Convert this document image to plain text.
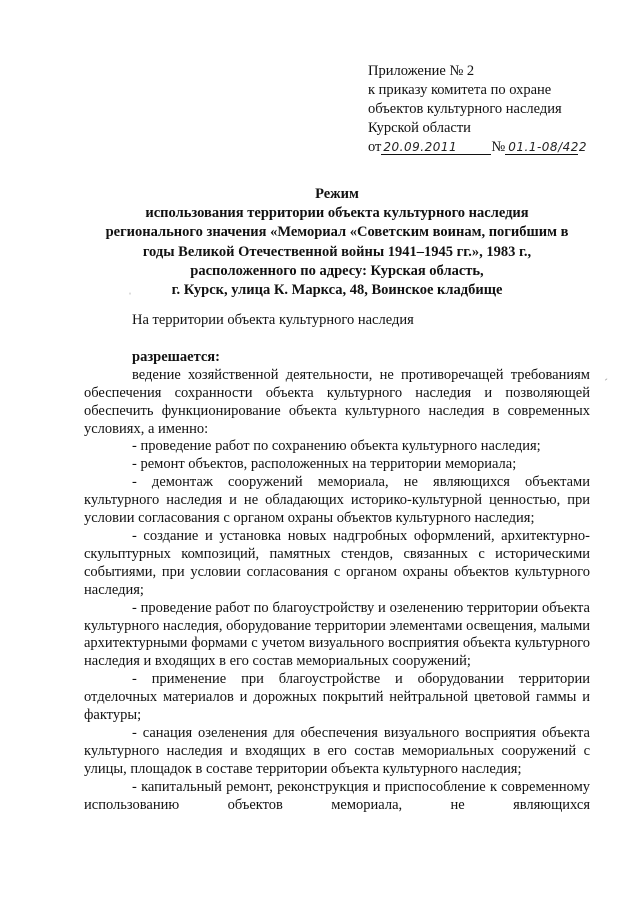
Приложение № 2
к приказу комитета по охране
объектов культурного наследия
Курской области
от 20.09.2011 № 01.1-08/422
Режим
использования территории объекта культурного наследия
регионального значения «Мемориал «Советским воинам, погибшим в
годы Великой Отечественной войны 1941–1945 гг.», 1983 г.,
расположенного по адресу: Курская область,
г. Курск, улица К. Маркса, 48, Воинское кладбище
ˈ
ˊ

На территории объекта культурного наследия

разрешается:

ведение хозяйственной деятельности, не противоречащей требованиям обеспечения сохранности объекта культурного наследия и позволяющей обеспечить функционирование объекта культурного наследия в современных условиях, а именно:

- проведение работ по сохранению объекта культурного наследия;

- ремонт объектов, расположенных на территории мемориала;

- демонтаж сооружений мемориала, не являющихся объектами культурного наследия и не обладающих историко-культурной ценностью, при условии согласования с органом охраны объектов культурного наследия;

- создание и установка новых надгробных оформлений, архитектурно-скульптурных композиций, памятных стендов, связанных с историческими событиями, при условии согласования с органом охраны объектов культурного наследия;

- проведение работ по благоустройству и озеленению территории объекта культурного наследия, оборудование территории элементами освещения, малыми архитектурными формами с учетом визуального восприятия объекта культурного наследия и входящих в его состав мемориальных сооружений;

- применение при благоустройстве и оборудовании территории отделочных материалов и дорожных покрытий нейтральной цветовой гаммы и фактуры;

- санация озеленения для обеспечения визуального восприятия объекта культурного наследия и входящих в его состав мемориальных сооружений с улицы, площадок в составе территории объекта культурного наследия;

- капитальный ремонт, реконструкция и приспособление к современному использованию объектов мемориала, не являющихся
